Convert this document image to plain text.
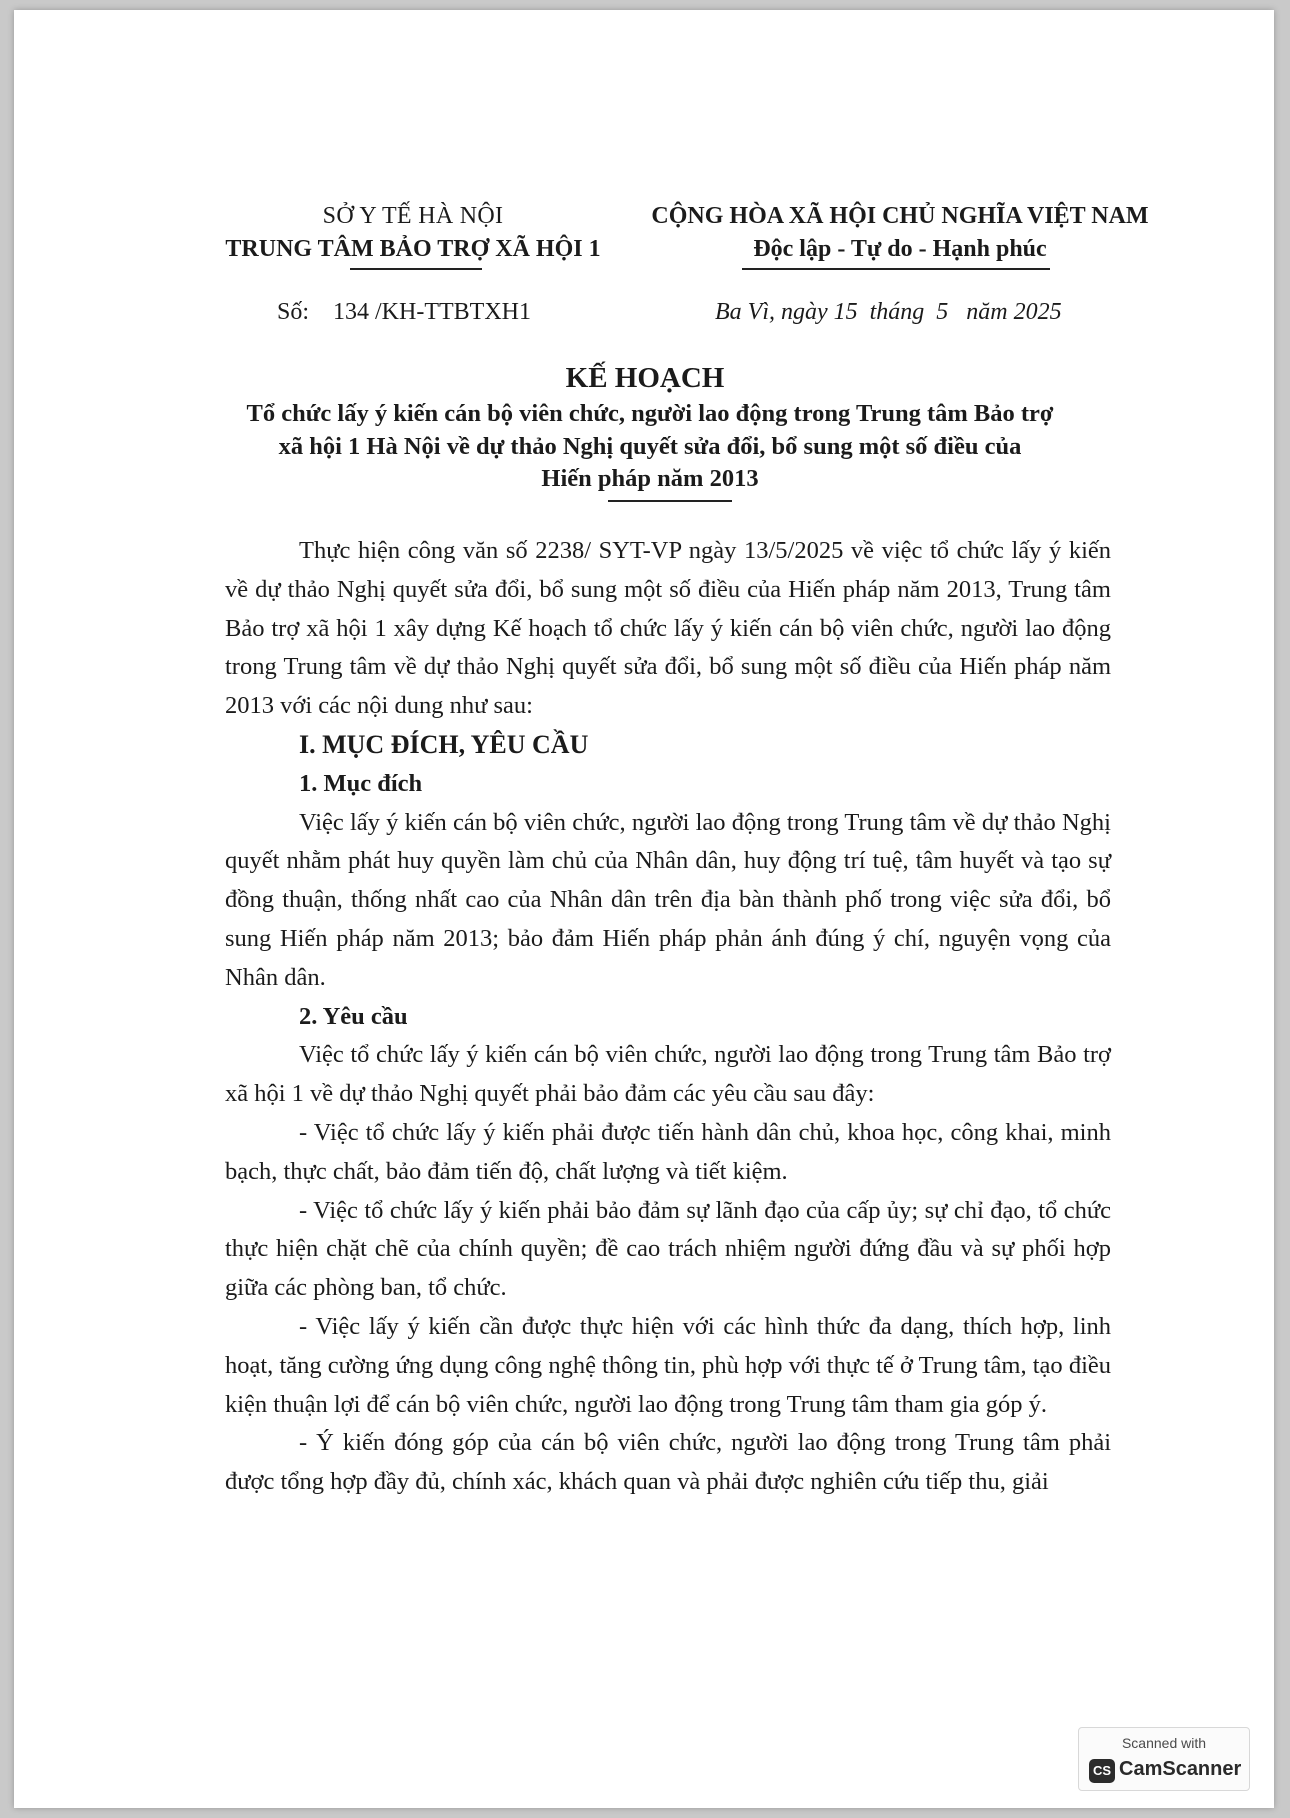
SỞ Y TẾ HÀ NỘI
TRUNG TÂM BẢO TRỢ XÃ HỘI 1
CỘNG HÒA XÃ HỘI CHỦ NGHĨA VIỆT NAM
Độc lập - Tự do - Hạnh phúc
Số: 134 /KH-TTBTXH1	Ba Vì, ngày 15  tháng  5   năm 2025
KẾ HOẠCH
Tổ chức lấy ý kiến cán bộ viên chức, người lao động trong Trung tâm Bảo trợ
xã hội 1 Hà Nội về dự thảo Nghị quyết sửa đổi, bổ sung một số điều của
Hiến pháp năm 2013

Thực hiện công văn số 2238/ SYT-VP ngày 13/5/2025 về việc tổ chức lấy ý kiến về dự thảo Nghị quyết sửa đổi, bổ sung một số điều của Hiến pháp năm 2013, Trung tâm Bảo trợ xã hội 1 xây dựng Kế hoạch tổ chức lấy ý kiến cán bộ viên chức, người lao động trong Trung tâm về dự thảo Nghị quyết sửa đổi, bổ sung một số điều của Hiến pháp năm 2013 với các nội dung như sau:

I. MỤC ĐÍCH, YÊU CẦU

1. Mục đích

Việc lấy ý kiến cán bộ viên chức, người lao động trong Trung tâm về dự thảo Nghị quyết nhằm phát huy quyền làm chủ của Nhân dân, huy động trí tuệ, tâm huyết và tạo sự đồng thuận, thống nhất cao của Nhân dân trên địa bàn thành phố trong việc sửa đổi, bổ sung Hiến pháp năm 2013; bảo đảm Hiến pháp phản ánh đúng ý chí, nguyện vọng của Nhân dân.

2. Yêu cầu

Việc tổ chức lấy ý kiến cán bộ viên chức, người lao động trong Trung tâm Bảo trợ xã hội 1 về dự thảo Nghị quyết phải bảo đảm các yêu cầu sau đây:

- Việc tổ chức lấy ý kiến phải được tiến hành dân chủ, khoa học, công khai, minh bạch, thực chất, bảo đảm tiến độ, chất lượng và tiết kiệm.

- Việc tổ chức lấy ý kiến phải bảo đảm sự lãnh đạo của cấp ủy; sự chỉ đạo, tổ chức thực hiện chặt chẽ của chính quyền; đề cao trách nhiệm người đứng đầu và sự phối hợp giữa các phòng ban, tổ chức.

- Việc lấy ý kiến cần được thực hiện với các hình thức đa dạng, thích hợp, linh hoạt, tăng cường ứng dụng công nghệ thông tin, phù hợp với thực tế ở Trung tâm, tạo điều kiện thuận lợi để cán bộ viên chức, người lao động trong Trung tâm tham gia góp ý.

- Ý kiến đóng góp của cán bộ viên chức, người lao động trong Trung tâm phải được tổng hợp đầy đủ, chính xác, khách quan và phải được nghiên cứu tiếp thu, giải

Scanned with
CS CamScanner
